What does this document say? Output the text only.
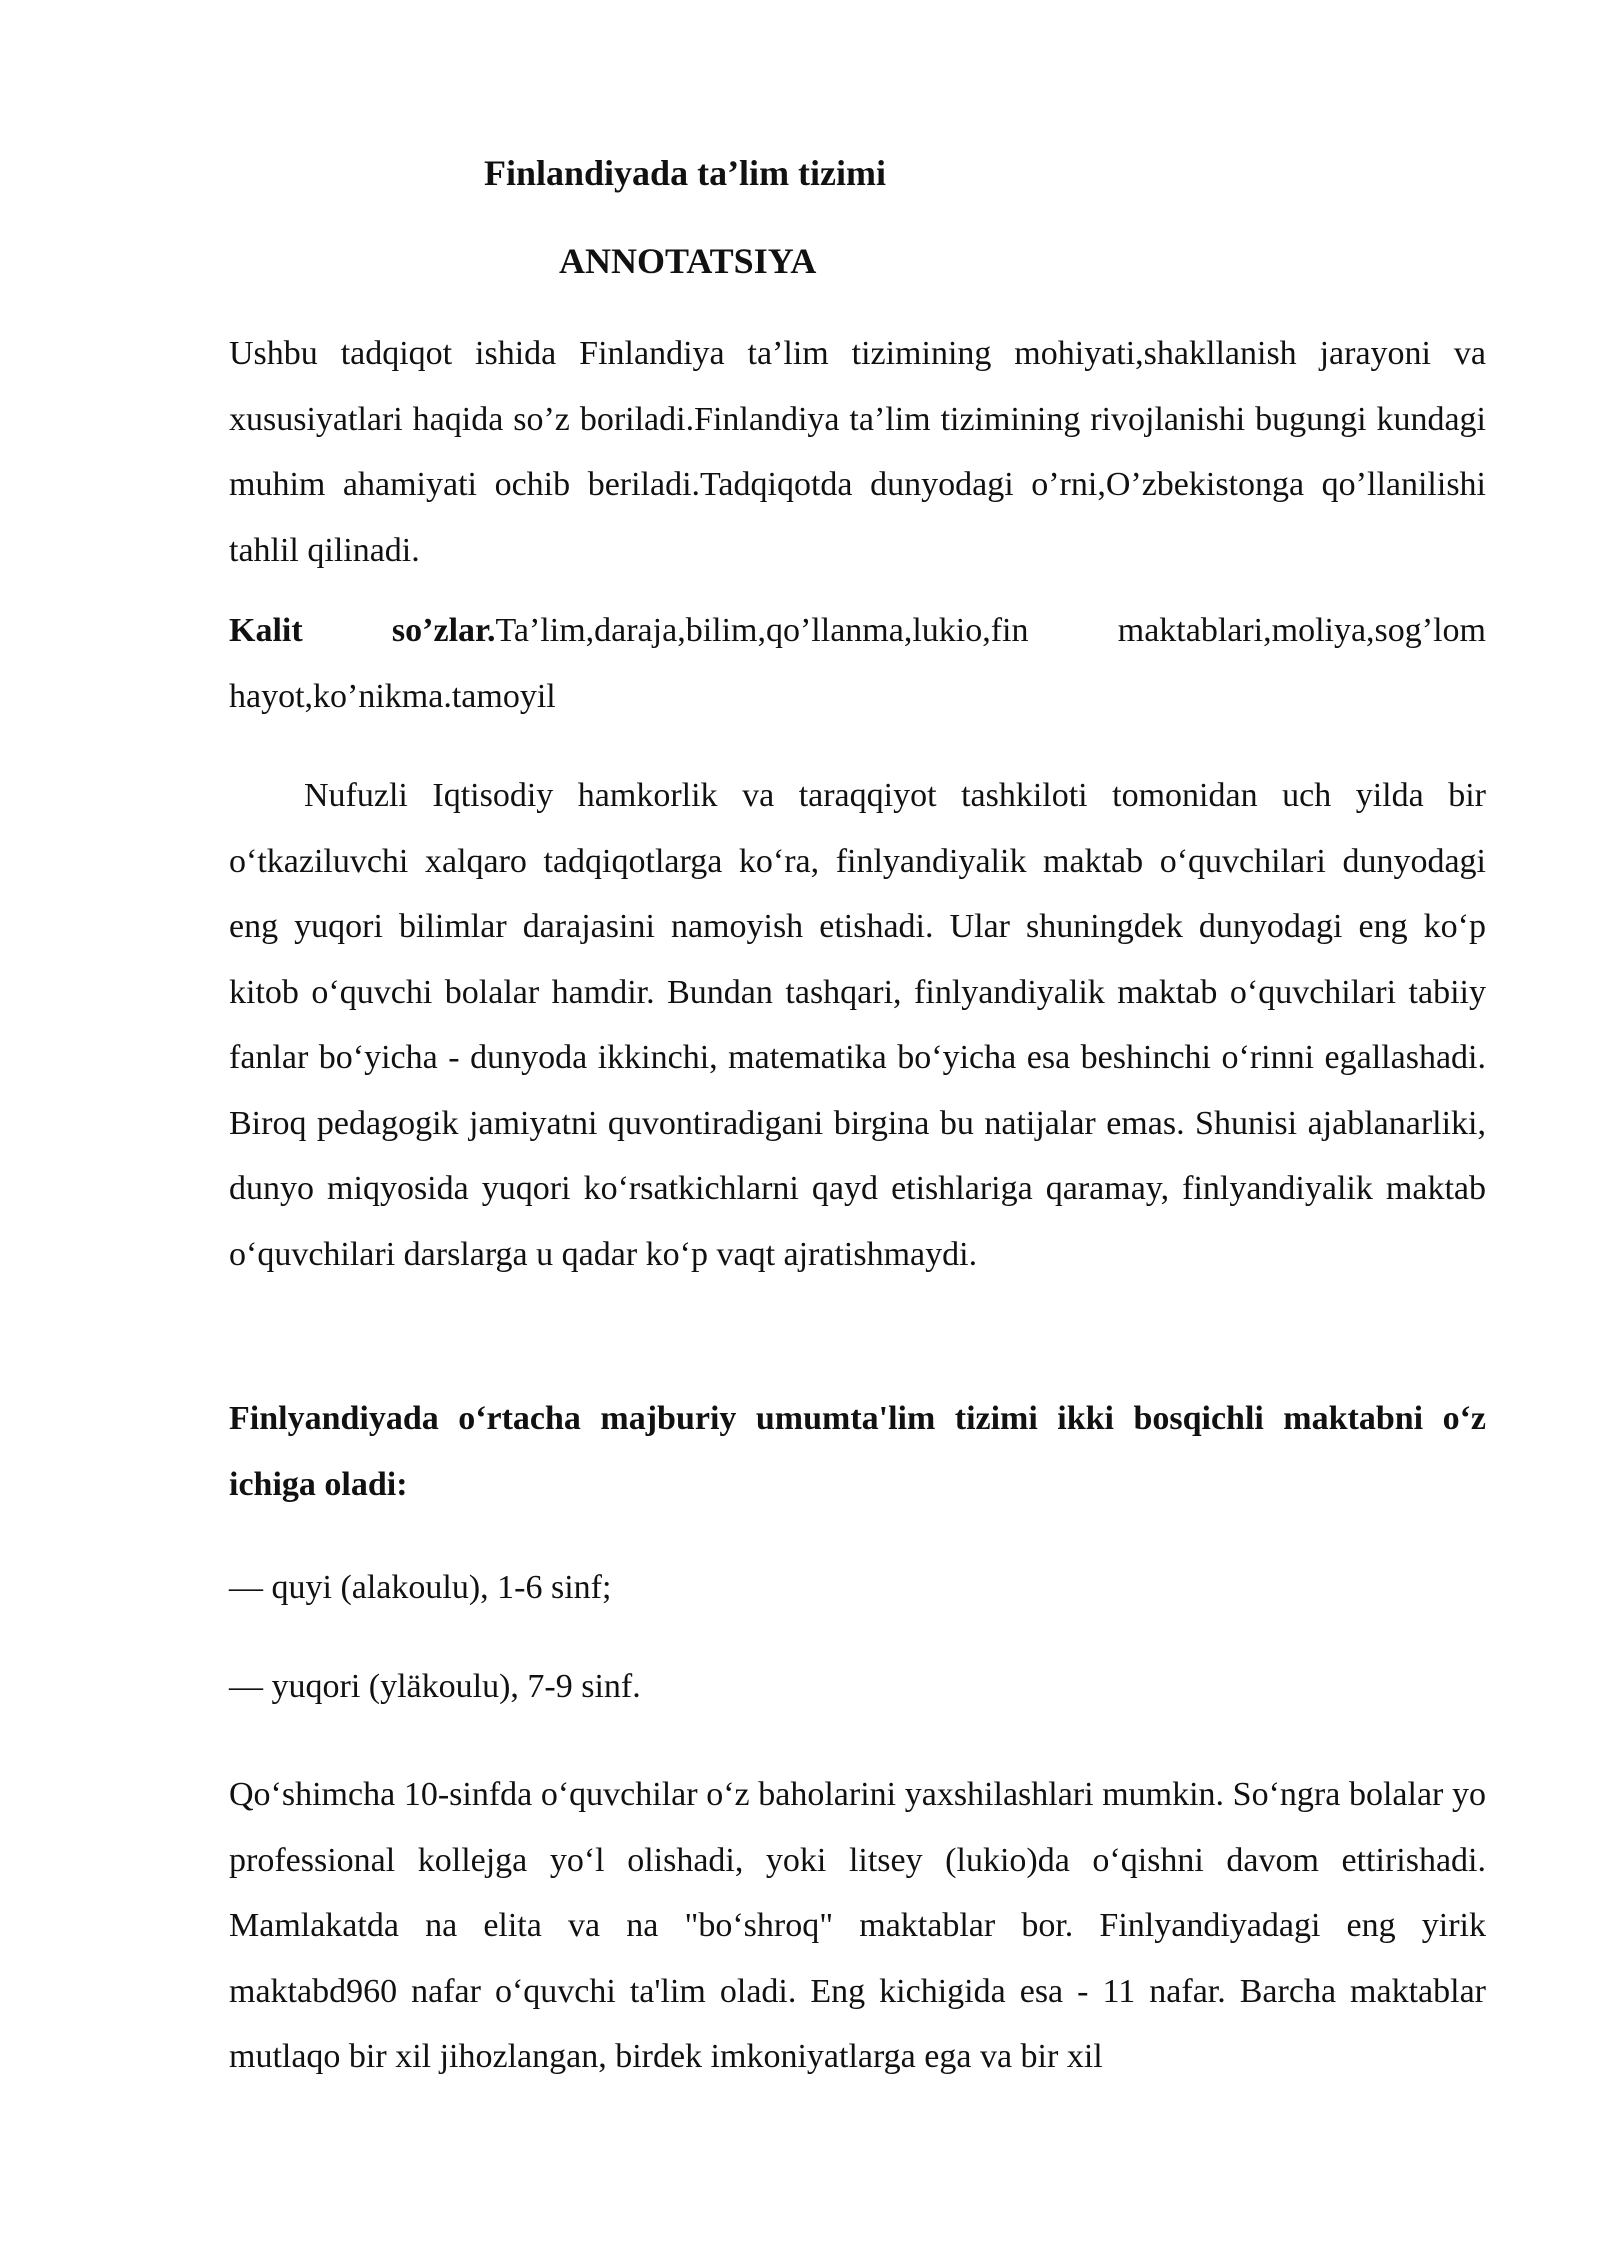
Finlandiyada ta’lim tizimi
ANNOTATSIYA

Ushbu tadqiqot ishida Finlandiya ta’lim tizimining mohiyati,shakllanish jarayoni va xususiyatlari haqida so’z boriladi.Finlandiya ta’lim tizimining rivojlanishi bugungi kundagi muhim ahamiyati ochib beriladi.Tadqiqotda dunyodagi o’rni,O’zbekistonga qo’llanilishi tahlil qilinadi.

Kalit so’zlar.Ta’lim,daraja,bilim,qo’llanma,lukio,fin maktablari,moliya,sog’lom hayot,ko’nikma.tamoyil

Nufuzli Iqtisodiy hamkorlik va taraqqiyot tashkiloti tomonidan uch yilda bir o‘tkaziluvchi xalqaro tadqiqotlarga ko‘ra, finlyandiyalik maktab o‘quvchilari dunyodagi eng yuqori bilimlar darajasini namoyish etishadi. Ular shuningdek dunyodagi eng ko‘p kitob o‘quvchi bolalar hamdir. Bundan tashqari, finlyandiyalik maktab o‘quvchilari tabiiy fanlar bo‘yicha - dunyoda ikkinchi, matematika bo‘yicha esa beshinchi o‘rinni egallashadi. Biroq pedagogik jamiyatni quvontiradigani birgina bu natijalar emas. Shunisi ajablanarliki, dunyo miqyosida yuqori ko‘rsatkichlarni qayd etishlariga qaramay, finlyandiyalik maktab o‘quvchilari darslarga u qadar ko‘p vaqt ajratishmaydi.

Finlyandiyada o‘rtacha majburiy umumta'lim tizimi ikki bosqichli maktabni o‘z ichiga oladi:

— quyi (alakoulu), 1-6 sinf;

— yuqori (yläkoulu), 7-9 sinf.

Qo‘shimcha 10-sinfda o‘quvchilar o‘z baholarini yaxshilashlari mumkin. So‘ngra bolalar yo professional kollejga yo‘l olishadi, yoki litsey (lukio)da o‘qishni davom ettirishadi. Mamlakatda na elita va na "bo‘shroq" maktablar bor. Finlyandiyadagi eng yirik maktabd960 nafar o‘quvchi ta'lim oladi. Eng kichigida esa - 11 nafar. Barcha maktablar mutlaqo bir xil jihozlangan, birdek imkoniyatlarga ega va bir xil
